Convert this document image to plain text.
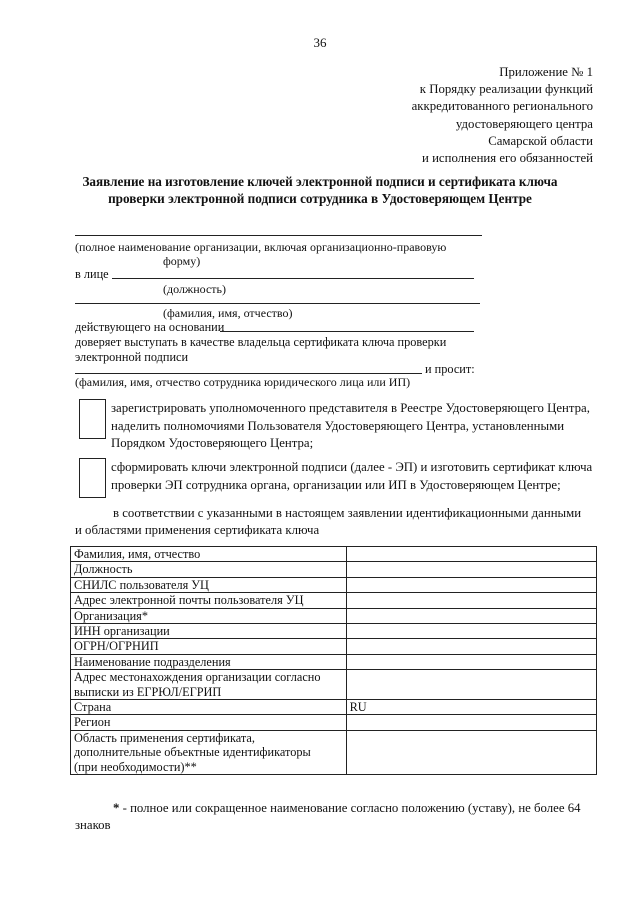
36
Приложение № 1
к Порядку реализации функций
аккредитованного регионального
удостоверяющего центра
Самарской области
и исполнения его обязанностей
Заявление на изготовление ключей электронной подписи и сертификата ключа
проверки электронной подписи сотрудника в Удостоверяющем Центре
(полное наименование организации, включая организационно-правовую
форму)
в лице
(должность)
(фамилия, имя, отчество)
действующего на основании
доверяет выступать в качестве владельца сертификата ключа проверки
электронной подписи
и просит:
(фамилия, имя, отчество сотрудника юридического лица или ИП)
зарегистрировать уполномоченного представителя в Реестре Удостоверяющего Центра,
наделить полномочиями Пользователя Удостоверяющего Центра, установленными
Порядком Удостоверяющего Центра;
сформировать ключи электронной подписи (далее - ЭП) и изготовить сертификат ключа
проверки ЭП сотрудника органа, организации или ИП в Удостоверяющем Центре;
в соответствии с указанными в настоящем заявлении идентификационными данными
и областями применения сертификата ключа
Фамилия, имя, отчество	

Должность	

СНИЛС пользователя УЦ	

Адрес электронной почты пользователя УЦ	

Организация*	

ИНН организации	

ОГРН/ОГРНИП	

Наименование подразделения	

Адрес местонахождения организации согласно
выписки из ЕГРЮЛ/ЕГРИП	

Страна	RU

Регион	

Область применения сертификата,
дополнительные объектные идентификаторы
(при необходимости)**	

* - полное или сокращенное наименование согласно положению (уставу), не более 64
знаков
